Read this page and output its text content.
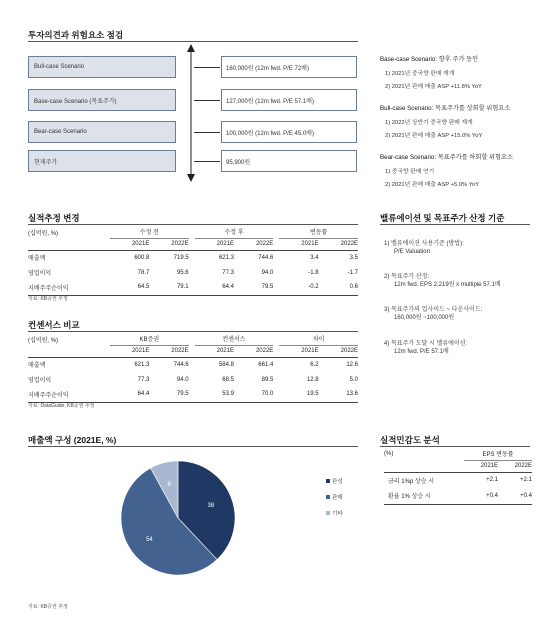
투자의견과 위험요소 점검
Bull-case Scenario
Base-case Scenario (목표주가)
Bear-case Scenario
현재주가
160,000원 (12m fwd. P/E 72배)
127,000원 (12m fwd. P/E 57.1배)
100,000원 (12m fwd. P/E 45.0배)
95,900원
Base-case Scenario: 향후 주가 동인
1) 2021년 중국향 판매 재개
2) 2021년 판매 매출 ASP +11.8% YoY
Bull-case Scenario: 목표주가를 상회할 위험요소
1) 2022년 상반기 중국향 판매 재개
2) 2021년 판매 매출 ASP +15.0% YoY
Bear-case Scenario: 목표주가를 하회할 위험요소
1) 중국향 판매 연기
2) 2021년 판매 매출 ASP +5.0% YoY
실적추정 변경
(십억원, %)	수정 전			수정 후			변동률	
	2021E	2022E		2021E	2022E		2021E	2022E
매출액	600.8	719.5		621.3	744.6		3.4	3.5
영업이익	78.7	95.6		77.3	94.0		-1.8	-1.7
지배주주순이익	64.5	79.1		64.4	79.5		-0.2	0.6
자료: KB증권 추정
컨센서스 비교
(십억원, %)	KB증권			컨센서스			차이	
	2021E	2022E		2021E	2022E		2021E	2022E
매출액	621.3	744.6		584.8	661.4		6.2	12.6
영업이익	77.3	94.0		68.5	89.5		12.8	5.0
지배주주순이익	64.4	79.5		53.9	70.0		19.5	13.6
자료: DataGuide, KB증권 추정
밸류에이션 및 목표주가 산정 기준
1) 밸류에이션 사용기준 (방법):
P/E Valuation
2) 목표주가 산정:
12m fwd. EPS 2,219원 x multiple 57.1배
3) 목표주가의 업사이드 ~ 다운사이드:
160,000원 ~100,000원
4) 목표주가 도달 시 밸류에이션:
12m fwd. P/E 57.1배
매출액 구성 (2021E, %)
38
54
8	완성
판매
기타
자료: KB증권 추정
실적민감도 분석
(%)	EPS 변동률	
	2021E	2022E
금리 1%p 상승 시	+2.1	+2.1
환율 1% 상승 시	+0.4	+0.4
